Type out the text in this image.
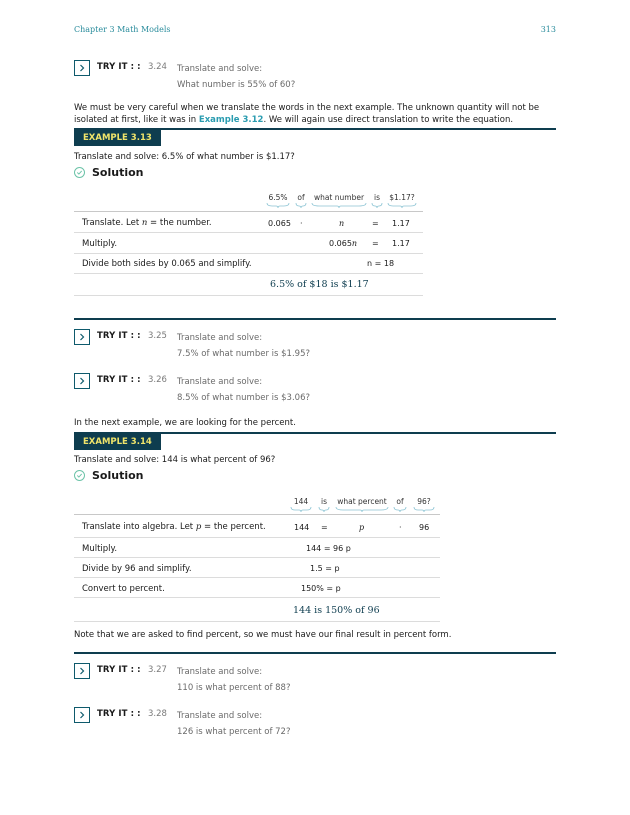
Chapter 3 Math Models	313
TRY IT : : 3.24 Translate and solve:
What number is 55% of 60?
We must be very careful when we translate the words in the next example. The unknown quantity will not be isolated at first, like it was in Example 3.12. We will again use direct translation to write the equation.
EXAMPLE 3.13
Translate and solve: 6.5% of what number is $1.17?
Solution
6.5%	of	what number	is	$1.17?
Translate. Let n = the number.	0.065 ·	n	= 1.17
Multiply.	0.065n = 1.17
Divide both sides by 0.065 and simplify.	n = 18
6.5% of $18 is $1.17
TRY IT : : 3.25 Translate and solve:
7.5% of what number is $1.95?
TRY IT : : 3.26 Translate and solve:
8.5% of what number is $3.06?
In the next example, we are looking for the percent.
EXAMPLE 3.14
Translate and solve: 144 is what percent of 96?
Solution
144	is	what percent	of	96?
Translate into algebra. Let p = the percent.	144 =	p	· 96
Multiply.	144 = 96 p
Divide by 96 and simplify.	1.5 = p
Convert to percent.	150% = p
144 is 150% of 96
Note that we are asked to find percent, so we must have our final result in percent form.
TRY IT : : 3.27 Translate and solve:
110 is what percent of 88?
TRY IT : : 3.28 Translate and solve:
126 is what percent of 72?
